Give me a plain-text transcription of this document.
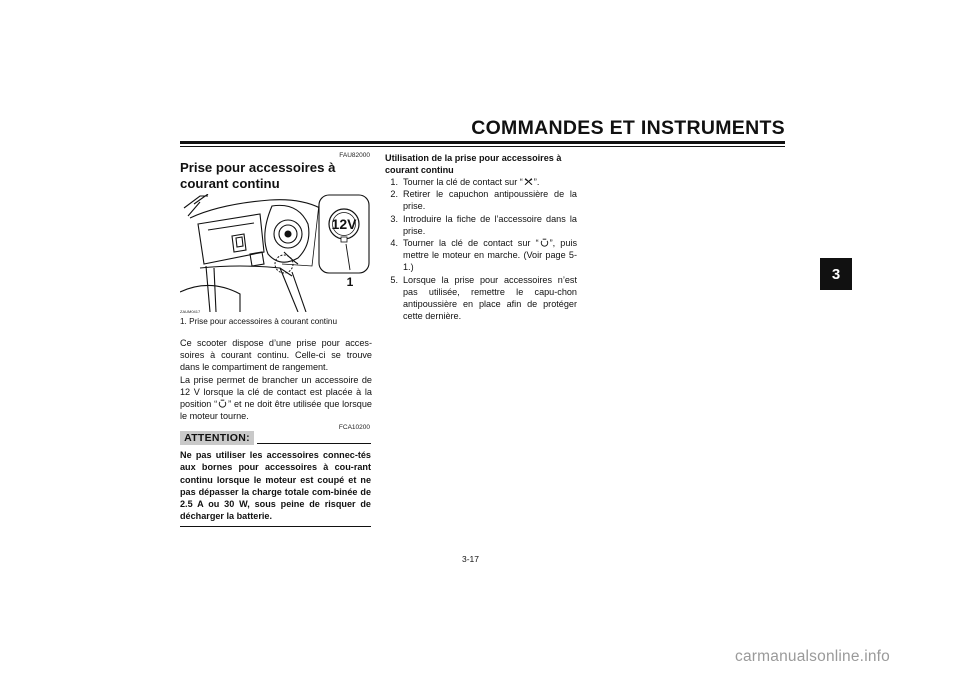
COMMANDES ET INSTRUMENTS
3
FAU82000
Prise pour accessoires à courant continu
12V
1
ZAUM0417
1. Prise pour accessoires à courant continu
Ce scooter dispose d’une prise pour acces-soires à courant continu. Celle-ci se trouve dans le compartiment de rangement.
La prise permet de brancher un accessoire de 12 V lorsque la clé de contact est placée à la position “ ” et ne doit être utilisée que lorsque le moteur tourne.
FCA10200
ATTENTION:
Ne pas utiliser les accessoires connec-tés aux bornes pour accessoires à cou-rant continu lorsque le moteur est coupé et ne pas dépasser la charge totale com-binée de 2.5 A ou 30 W, sous peine de risquer de décharger la batterie.
Utilisation de la prise pour accessoires à courant continu
1. Tourner la clé de contact sur “ ”.
2. Retirer le capuchon antipoussière de la prise.
3. Introduire la fiche de l’accessoire dans la prise.
4. Tourner la clé de contact sur “ ”, puis mettre le moteur en marche. (Voir page 5-1.)
5. Lorsque la prise pour accessoires n’est pas utilisée, remettre le capu-chon antipoussière en place afin de protéger cette dernière.
3-17
carmanualsonline.info
